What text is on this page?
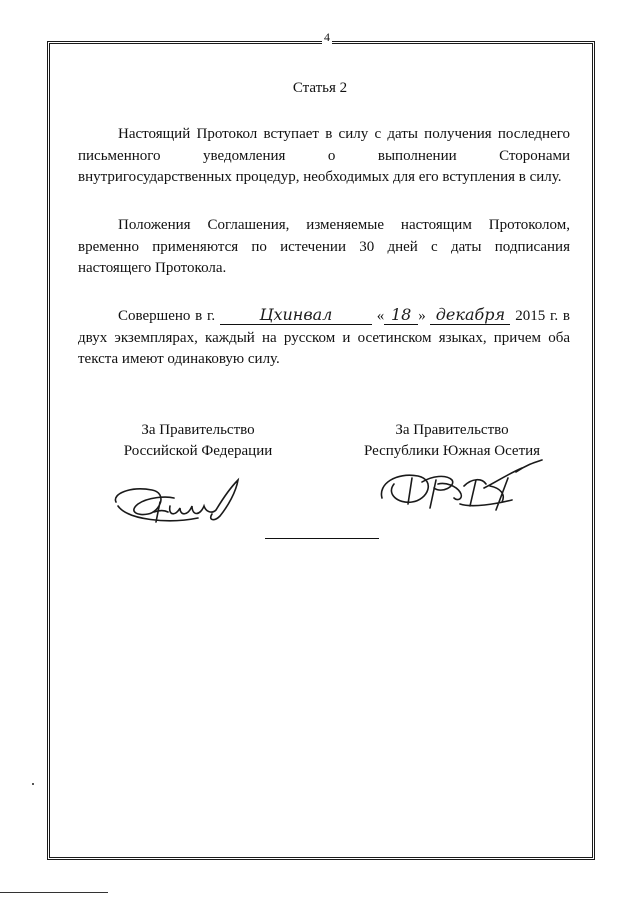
4
Статья 2

Настоящий Протокол вступает в силу с даты получения последнего письменного уведомления о выполнении Сторонами внутригосударственных процедур, необходимых для его вступления в силу.

Положения Соглашения, изменяемые настоящим Протоколом, временно применяются по истечении 30 дней с даты подписания настоящего Протокола.

Совершено в г.	Цхинвал	« 18 » декабря 2015 г. в двух экземплярах, каждый на русском и осетинском языках, причем оба текста имеют одинаковую силу.

За Правительство
Российской Федерации
За Правительство
Республики Южная Осетия
